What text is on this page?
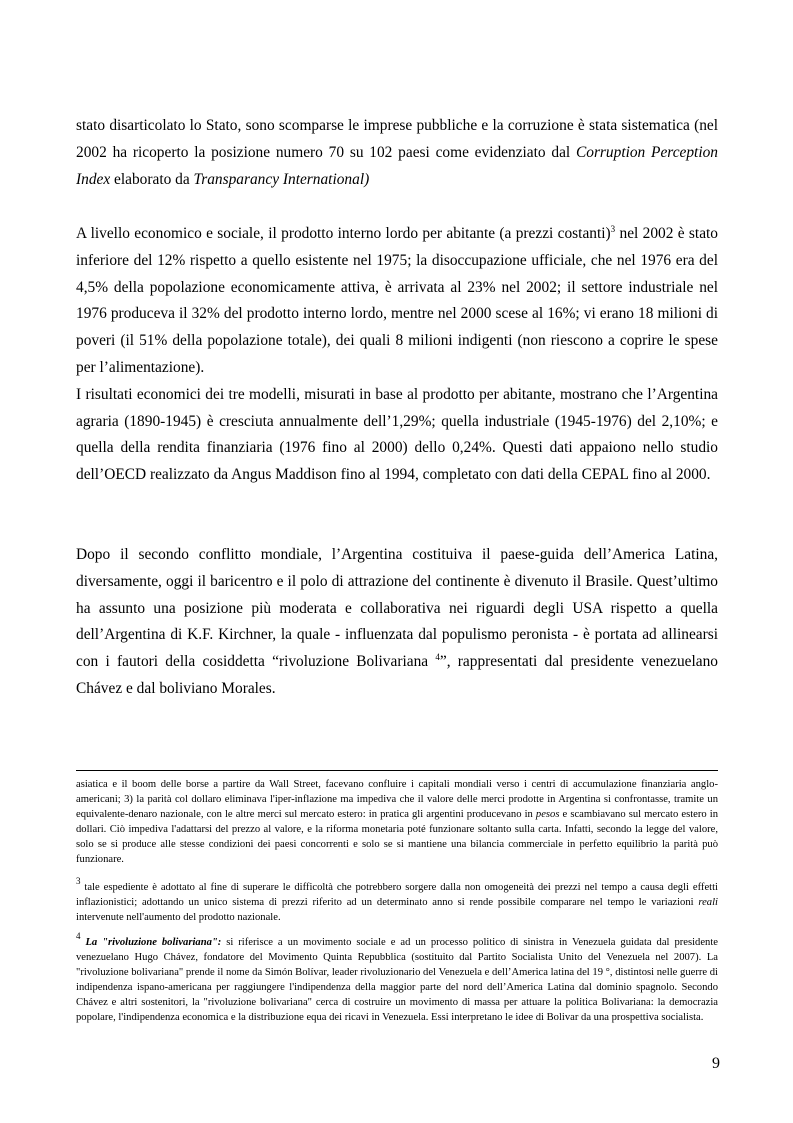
stato disarticolato lo Stato, sono scomparse le imprese pubbliche e la corruzione è stata sistematica (nel 2002 ha ricoperto la posizione numero 70 su 102 paesi come evidenziato dal Corruption Perception Index elaborato da Transparancy International)

A livello economico e sociale, il prodotto interno lordo per abitante (a prezzi costanti)$^3$ nel 2002 è stato inferiore del 12% rispetto a quello esistente nel 1975; la disoccupazione ufficiale, che nel 1976 era del 4,5% della popolazione economicamente attiva, è arrivata al 23% nel 2002; il settore industriale nel 1976 produceva il 32% del prodotto interno lordo, mentre nel 2000 scese al 16%; vi erano 18 milioni di poveri (il 51% della popolazione totale), dei quali 8 milioni indigenti (non riescono a coprire le spese per l’alimentazione).

I risultati economici dei tre modelli, misurati in base al prodotto per abitante, mostrano che l’Argentina agraria (1890-1945) è cresciuta annualmente dell’1,29%; quella industriale (1945-1976) del 2,10%; e quella della rendita finanziaria (1976 fino al 2000) dello 0,24%. Questi dati appaiono nello studio dell’OECD realizzato da Angus Maddison fino al 1994, completato con dati della CEPAL fino al 2000.

Dopo il secondo conflitto mondiale, l’Argentina costituiva il paese-guida dell’America Latina, diversamente, oggi il baricentro e il polo di attrazione del continente è divenuto il Brasile. Quest’ultimo ha assunto una posizione più moderata e collaborativa nei riguardi degli USA rispetto a quella dell’Argentina di K.F. Kirchner, la quale - influenzata dal populismo peronista - è portata ad allinearsi con i fautori della cosiddetta “rivoluzione Bolivariana $^4$”, rappresentati dal presidente venezuelano Chávez e dal boliviano Morales.

asiatica e il boom delle borse a partire da Wall Street, facevano confluire i capitali mondiali verso i centri di accumulazione finanziaria anglo-americani; 3) la parità col dollaro eliminava l'iper-inflazione ma impediva che il valore delle merci prodotte in Argentina si confrontasse, tramite un equivalente-denaro nazionale, con le altre merci sul mercato estero: in pratica gli argentini producevano in pesos e scambiavano sul mercato estero in dollari. Ciò impediva l'adattarsi del prezzo al valore, e la riforma monetaria poté funzionare soltanto sulla carta. Infatti, secondo la legge del valore, solo se si produce alle stesse condizioni dei paesi concorrenti e solo se si mantiene una bilancia commerciale in perfetto equilibrio la parità può funzionare.

$^3$ tale espediente è adottato al fine di superare le difficoltà che potrebbero sorgere dalla non omogeneità dei prezzi nel tempo a causa degli effetti inflazionistici; adottando un unico sistema di prezzi riferito ad un determinato anno si rende possibile comparare nel tempo le variazioni reali intervenute nell'aumento del prodotto nazionale.

$^4$ La "rivoluzione bolivariana": si riferisce a un movimento sociale e ad un processo politico di sinistra in Venezuela guidata dal presidente venezuelano Hugo Chávez, fondatore del Movimento Quinta Repubblica (sostituito dal Partito Socialista Unito del Venezuela nel 2007). La "rivoluzione bolivariana" prende il nome da Simón Bolívar, leader rivoluzionario del Venezuela e dell’America latina del 19 °, distintosi nelle guerre di indipendenza ispano-americana per raggiungere l'indipendenza della maggior parte del nord dell’America Latina dal dominio spagnolo. Secondo Chávez e altri sostenitori, la "rivoluzione bolivariana" cerca di costruire un movimento di massa per attuare la politica Bolivariana: la democrazia popolare, l'indipendenza economica e la distribuzione equa dei ricavi in Venezuela. Essi interpretano le idee di Bolivar da una prospettiva socialista.

9
